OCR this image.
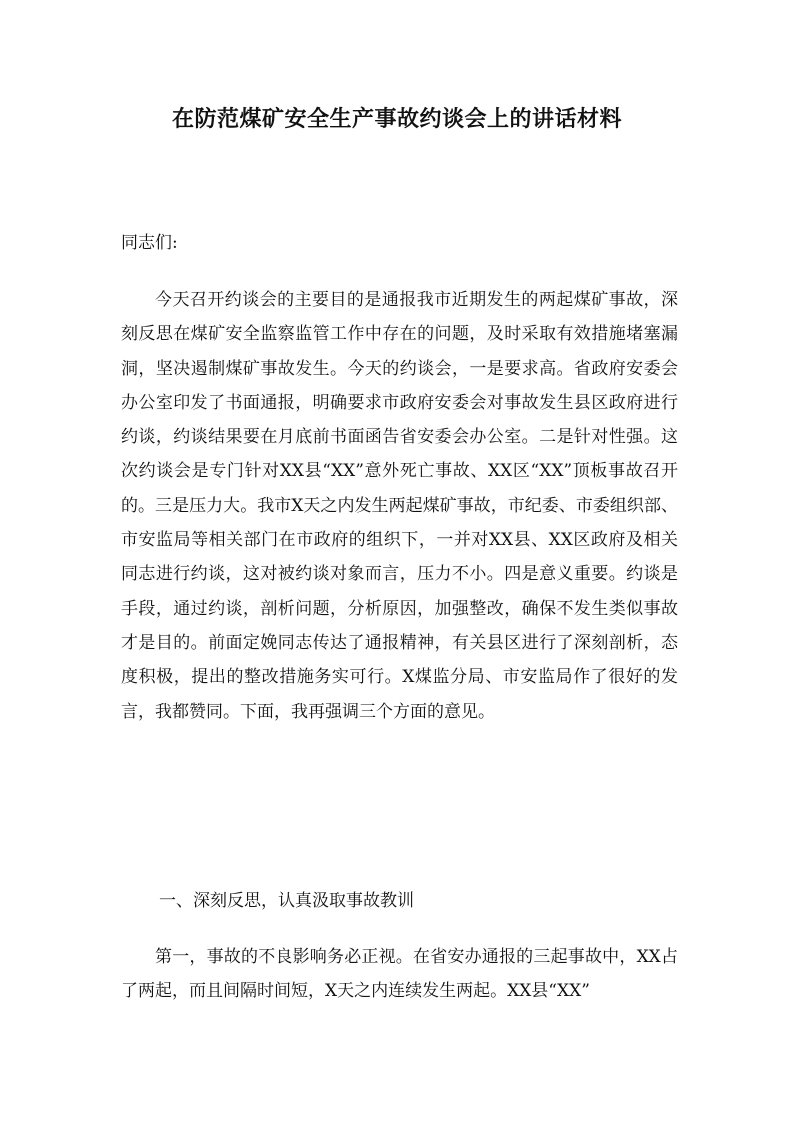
在防范煤矿安全生产事故约谈会上的讲话材料

同志们:

今天召开约谈会的主要目的是通报我市近期发生的两起煤矿事故，深刻反思在煤矿安全监察监管工作中存在的问题，及时采取有效措施堵塞漏洞，坚决遏制煤矿事故发生。今天的约谈会，一是要求高。省政府安委会办公室印发了书面通报，明确要求市政府安委会对事故发生县区政府进行约谈，约谈结果要在月底前书面函告省安委会办公室。二是针对性强。这次约谈会是专门针对XX县“XX”意外死亡事故、XX区“XX”顶板事故召开的。三是压力大。我市X天之内发生两起煤矿事故，市纪委、市委组织部、市安监局等相关部门在市政府的组织下，一并对XX县、XX区政府及相关同志进行约谈，这对被约谈对象而言，压力不小。四是意义重要。约谈是手段，通过约谈，剖析问题，分析原因，加强整改，确保不发生类似事故才是目的。前面定娩同志传达了通报精神，有关县区进行了深刻剖析，态度积极，提出的整改措施务实可行。X煤监分局、市安监局作了很好的发言，我都赞同。下面，我再强调三个方面的意见。

一、深刻反思，认真汲取事故教训

第一，事故的不良影响务必正视。在省安办通报的三起事故中，XX占了两起，而且间隔时间短，X天之内连续发生两起。XX县“XX”
